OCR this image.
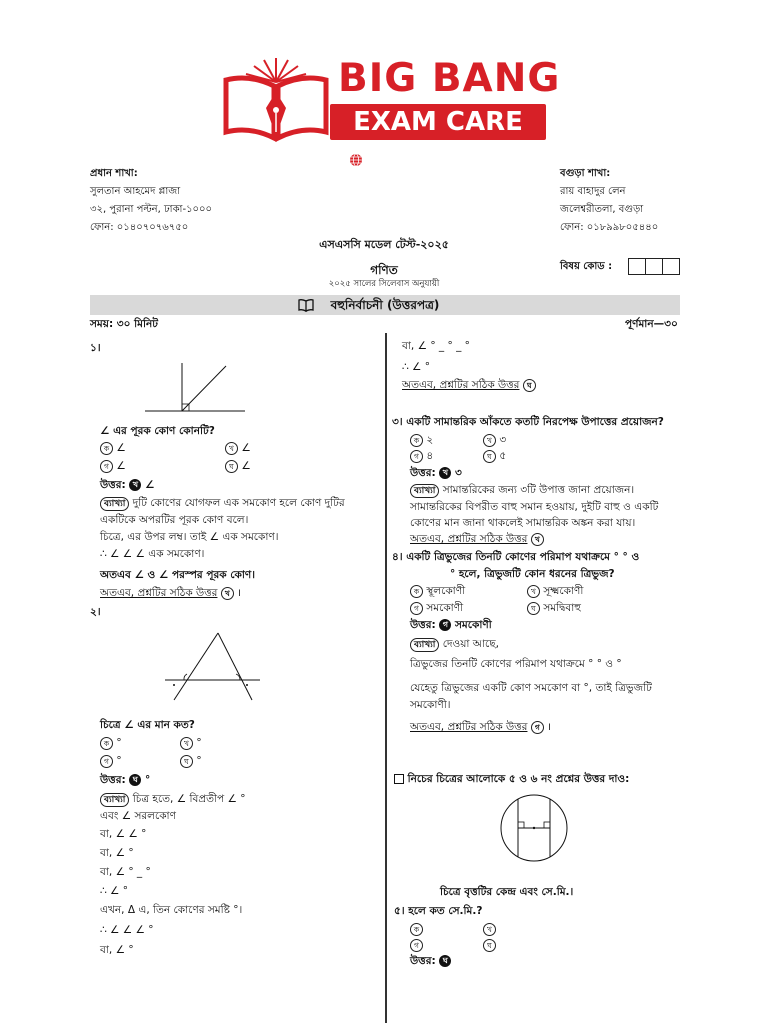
BIG BANG
EXAM CARE
প্রধান শাখা:
সুলতান আহমেদ প্লাজা
৩২, পুরানা পল্টন, ঢাকা-১০০০
ফোন: ০১৪০৭০৭৬৭৫০
বগুড়া শাখা:
রায় বাহাদুর লেন
জলেশ্বরীতলা, বগুড়া
ফোন: ০১৮৯৯৮০৫৪৪০
এসএসসি মডেল টেস্ট-২০২৫
গণিত
২০২৫ সালের সিলেবাস অনুযায়ী
বিষয় কোড :
বহুনির্বাচনী (উত্তরপত্র)
সময়: ৩০ মিনিট	পূর্ণমান—৩০
১।
∠ এর পূরক কোণ কোনটি?
ক ∠	খ ∠
গ ∠	ঘ ∠
উত্তর: খ ∠
ব্যাখ্যা দুটি কোণের যোগফল এক সমকোণ হলে কোণ দুটির
একটিকে অপরটির পূরক কোণ বলে।
চিত্রে, এর উপর লম্ব। তাই ∠ এক সমকোণ।
∴ ∠ ∠ ∠ এক সমকোণ।
অতএব ∠ ও ∠ পরস্পর পূরক কোণ।
অতএব, প্রশ্নটির সঠিক উত্তর খ ।
২।
চিত্রে ∠ এর মান কত?
ক °	খ °
গ °	ঘ °
উত্তর: ঘ °
ব্যাখ্যা চিত্র হতে, ∠ বিপ্রতীপ ∠ °
এবং ∠ সরলকোণ
বা, ∠ ∠ °
বা, ∠ °
বা, ∠ ° _ °
∴ ∠ °
এখন, Δ এ, তিন কোণের সমষ্টি °।
∴ ∠ ∠ ∠ °
বা, ∠ °
বা, ∠ ° _ ° _ °
∴ ∠ °
অতএব, প্রশ্নটির সঠিক উত্তর ঘ
৩। একটি সামান্তরিক আঁকতে কতটি নিরপেক্ষ উপাত্তের প্রয়োজন?
ক ২	খ ৩
গ ৪	ঘ ৫
উত্তর: খ ৩
ব্যাখ্যা সামান্তরিকের জন্য ৩টি উপাত্ত জানা প্রয়োজন।
সামান্তরিকের বিপরীত বাহু সমান হওয়ায়, দুইটি বাহু ও একটি
কোণের মান জানা থাকলেই সামান্তরিক অঙ্কন করা যায়।
অতএব, প্রশ্নটির সঠিক উত্তর খ
৪। একটি ত্রিভুজের তিনটি কোণের পরিমাপ যথাক্রমে ° ° ও
° হলে, ত্রিভুজটি কোন ধরনের ত্রিভুজ?
ক স্থূলকোণী	খ সূক্ষ্মকোণী
গ সমকোণী	ঘ সমদ্বিবাহু
উত্তর: গ সমকোণী
ব্যাখ্যা দেওয়া আছে,
ত্রিভুজের তিনটি কোণের পরিমাপ যথাক্রমে ° ° ও °
যেহেতু ত্রিভুজের একটি কোণ সমকোণ বা °, তাই ত্রিভুজটি
সমকোণী।
অতএব, প্রশ্নটির সঠিক উত্তর গ ।
নিচের চিত্রের আলোকে ৫ ও ৬ নং প্রশ্নের উত্তর দাও:
চিত্রে বৃত্তটির কেন্দ্র এবং সে.মি.।
৫। হলে কত সে.মি.?
ক	খ
গ	ঘ
উত্তর: ঘ
